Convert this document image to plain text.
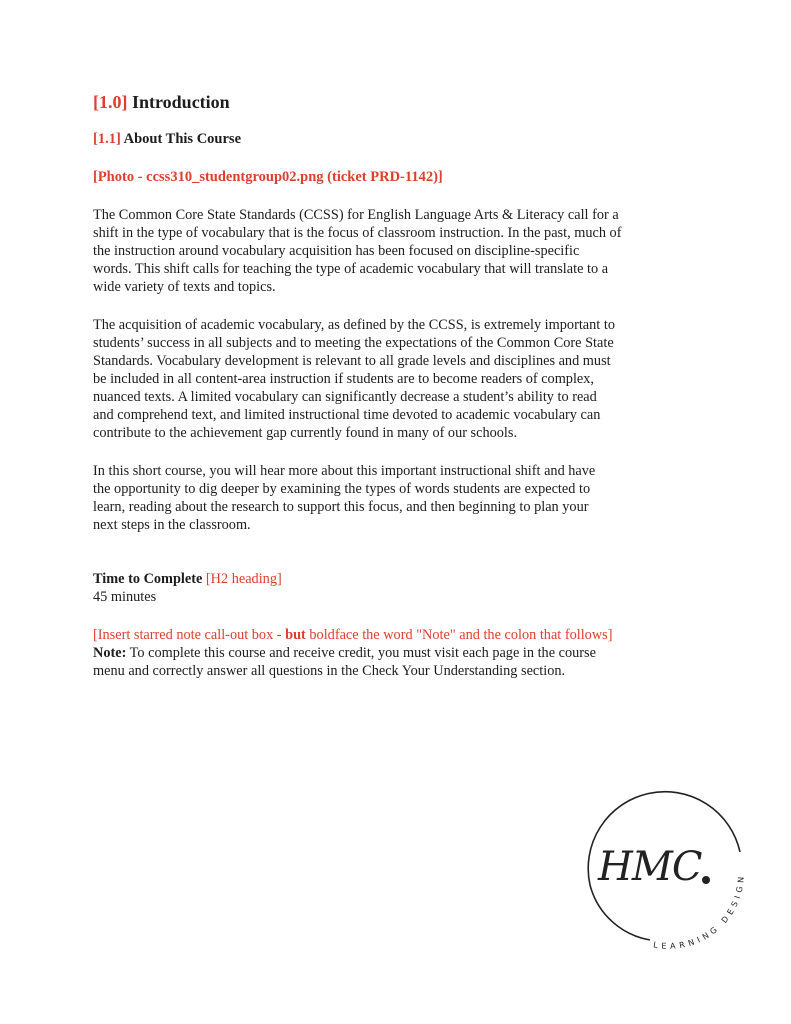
[1.0] Introduction
[1.1] About This Course
[Photo - ccss310_studentgroup02.png (ticket PRD-1142)]
The Common Core State Standards (CCSS) for English Language Arts & Literacy call for a
shift in the type of vocabulary that is the focus of classroom instruction. In the past, much of
the instruction around vocabulary acquisition has been focused on discipline-specific
words. This shift calls for teaching the type of academic vocabulary that will translate to a
wide variety of texts and topics.
The acquisition of academic vocabulary, as defined by the CCSS, is extremely important to
students’ success in all subjects and to meeting the expectations of the Common Core State
Standards. Vocabulary development is relevant to all grade levels and disciplines and must
be included in all content-area instruction if students are to become readers of complex,
nuanced texts. A limited vocabulary can significantly decrease a student’s ability to read
and comprehend text, and limited instructional time devoted to academic vocabulary can
contribute to the achievement gap currently found in many of our schools.
In this short course, you will hear more about this important instructional shift and have
the opportunity to dig deeper by examining the types of words students are expected to
learn, reading about the research to support this focus, and then beginning to plan your
next steps in the classroom.
Time to Complete [H2 heading]
45 minutes
[Insert starred note call-out box - but boldface the word "Note" and the colon that follows]
Note: To complete this course and receive credit, you must visit each page in the course
menu and correctly answer all questions in the Check Your Understanding section.
HMC
LEARNING DESIGN
